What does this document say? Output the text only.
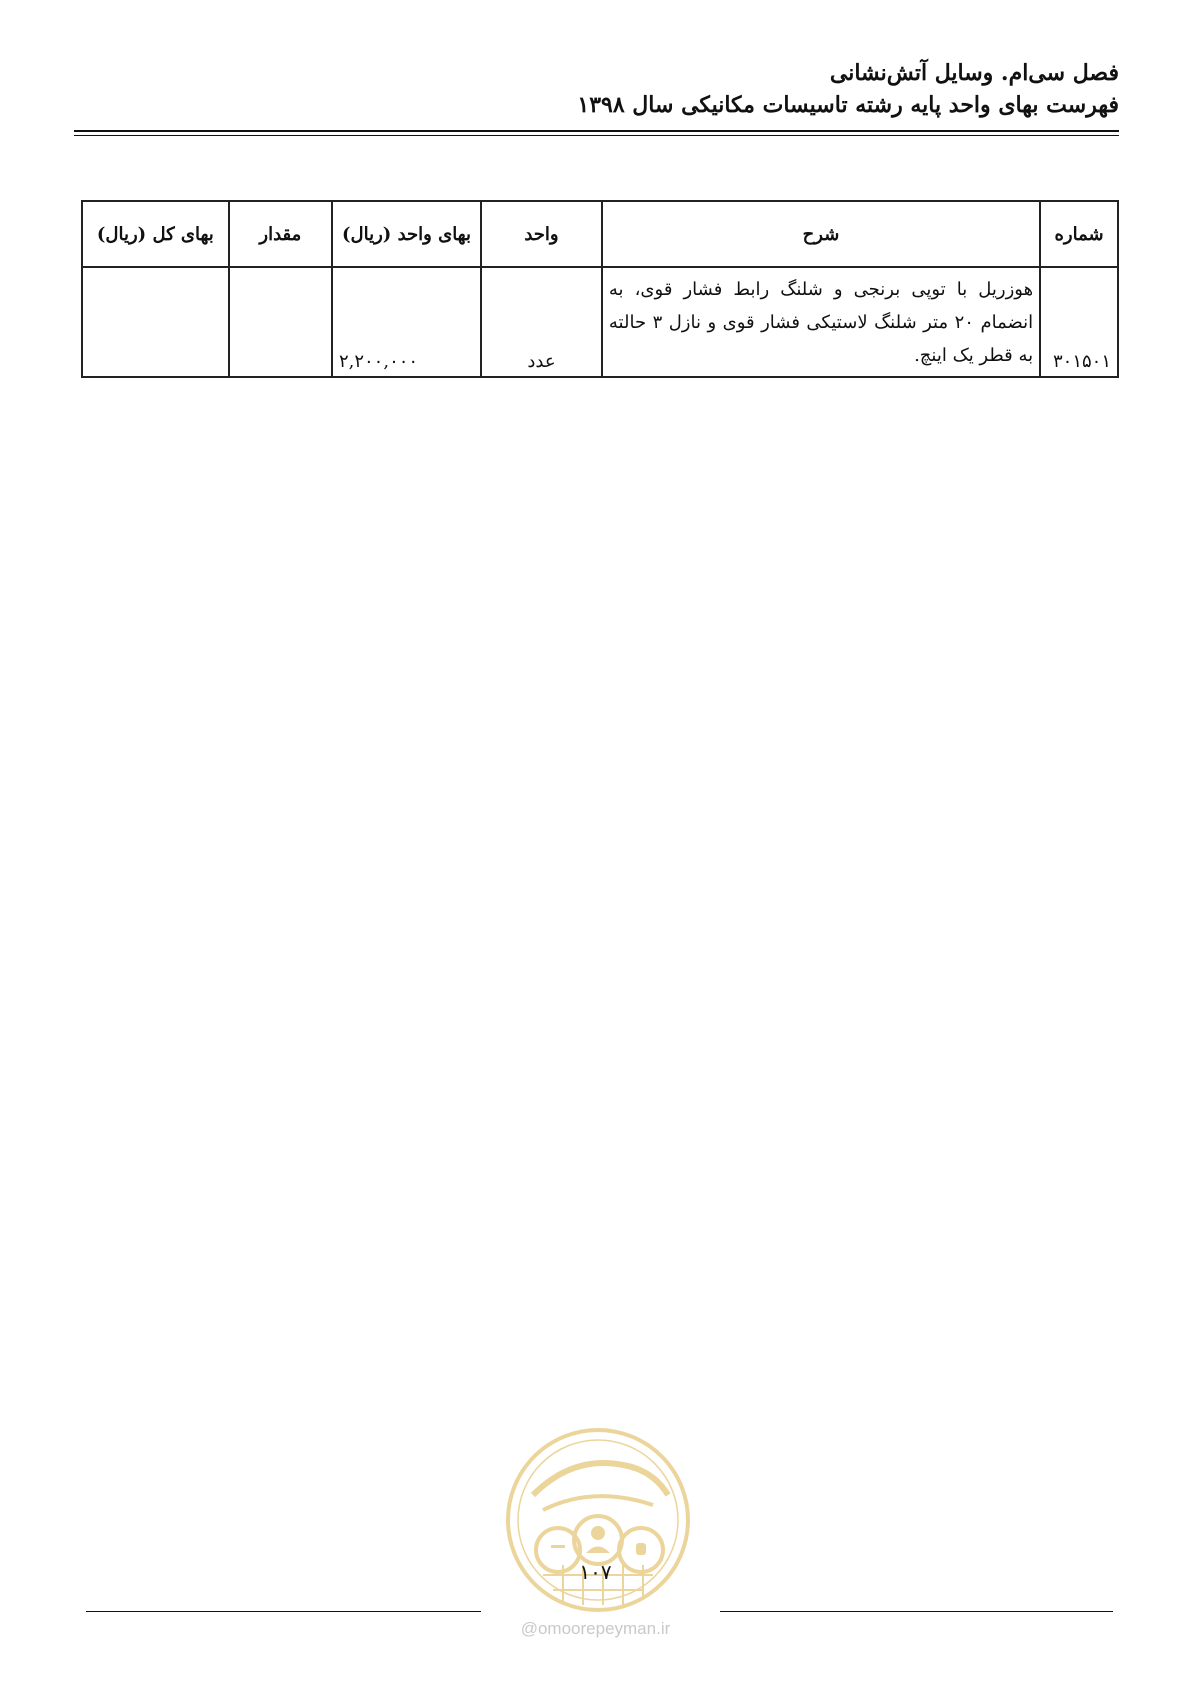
فصل سی‌ام. وسایل آتش‌نشانی
فهرست بهای واحد پایه رشته تاسیسات مکانیکی سال ۱۳۹۸
شماره	شرح	واحد	بهای واحد (ریال)	مقدار	بهای کل (ریال)
۳۰۱۵۰۱	هوزریل با توپی برنجی و شلنگ رابط فشار قوی، به انضمام ۲۰ متر شلنگ لاستیکی فشار قوی و نازل ۳ حالته به قطر یک اینچ.	عدد	۲,۲۰۰,۰۰۰		
۱۰۷
@omoorepeyman.ir
